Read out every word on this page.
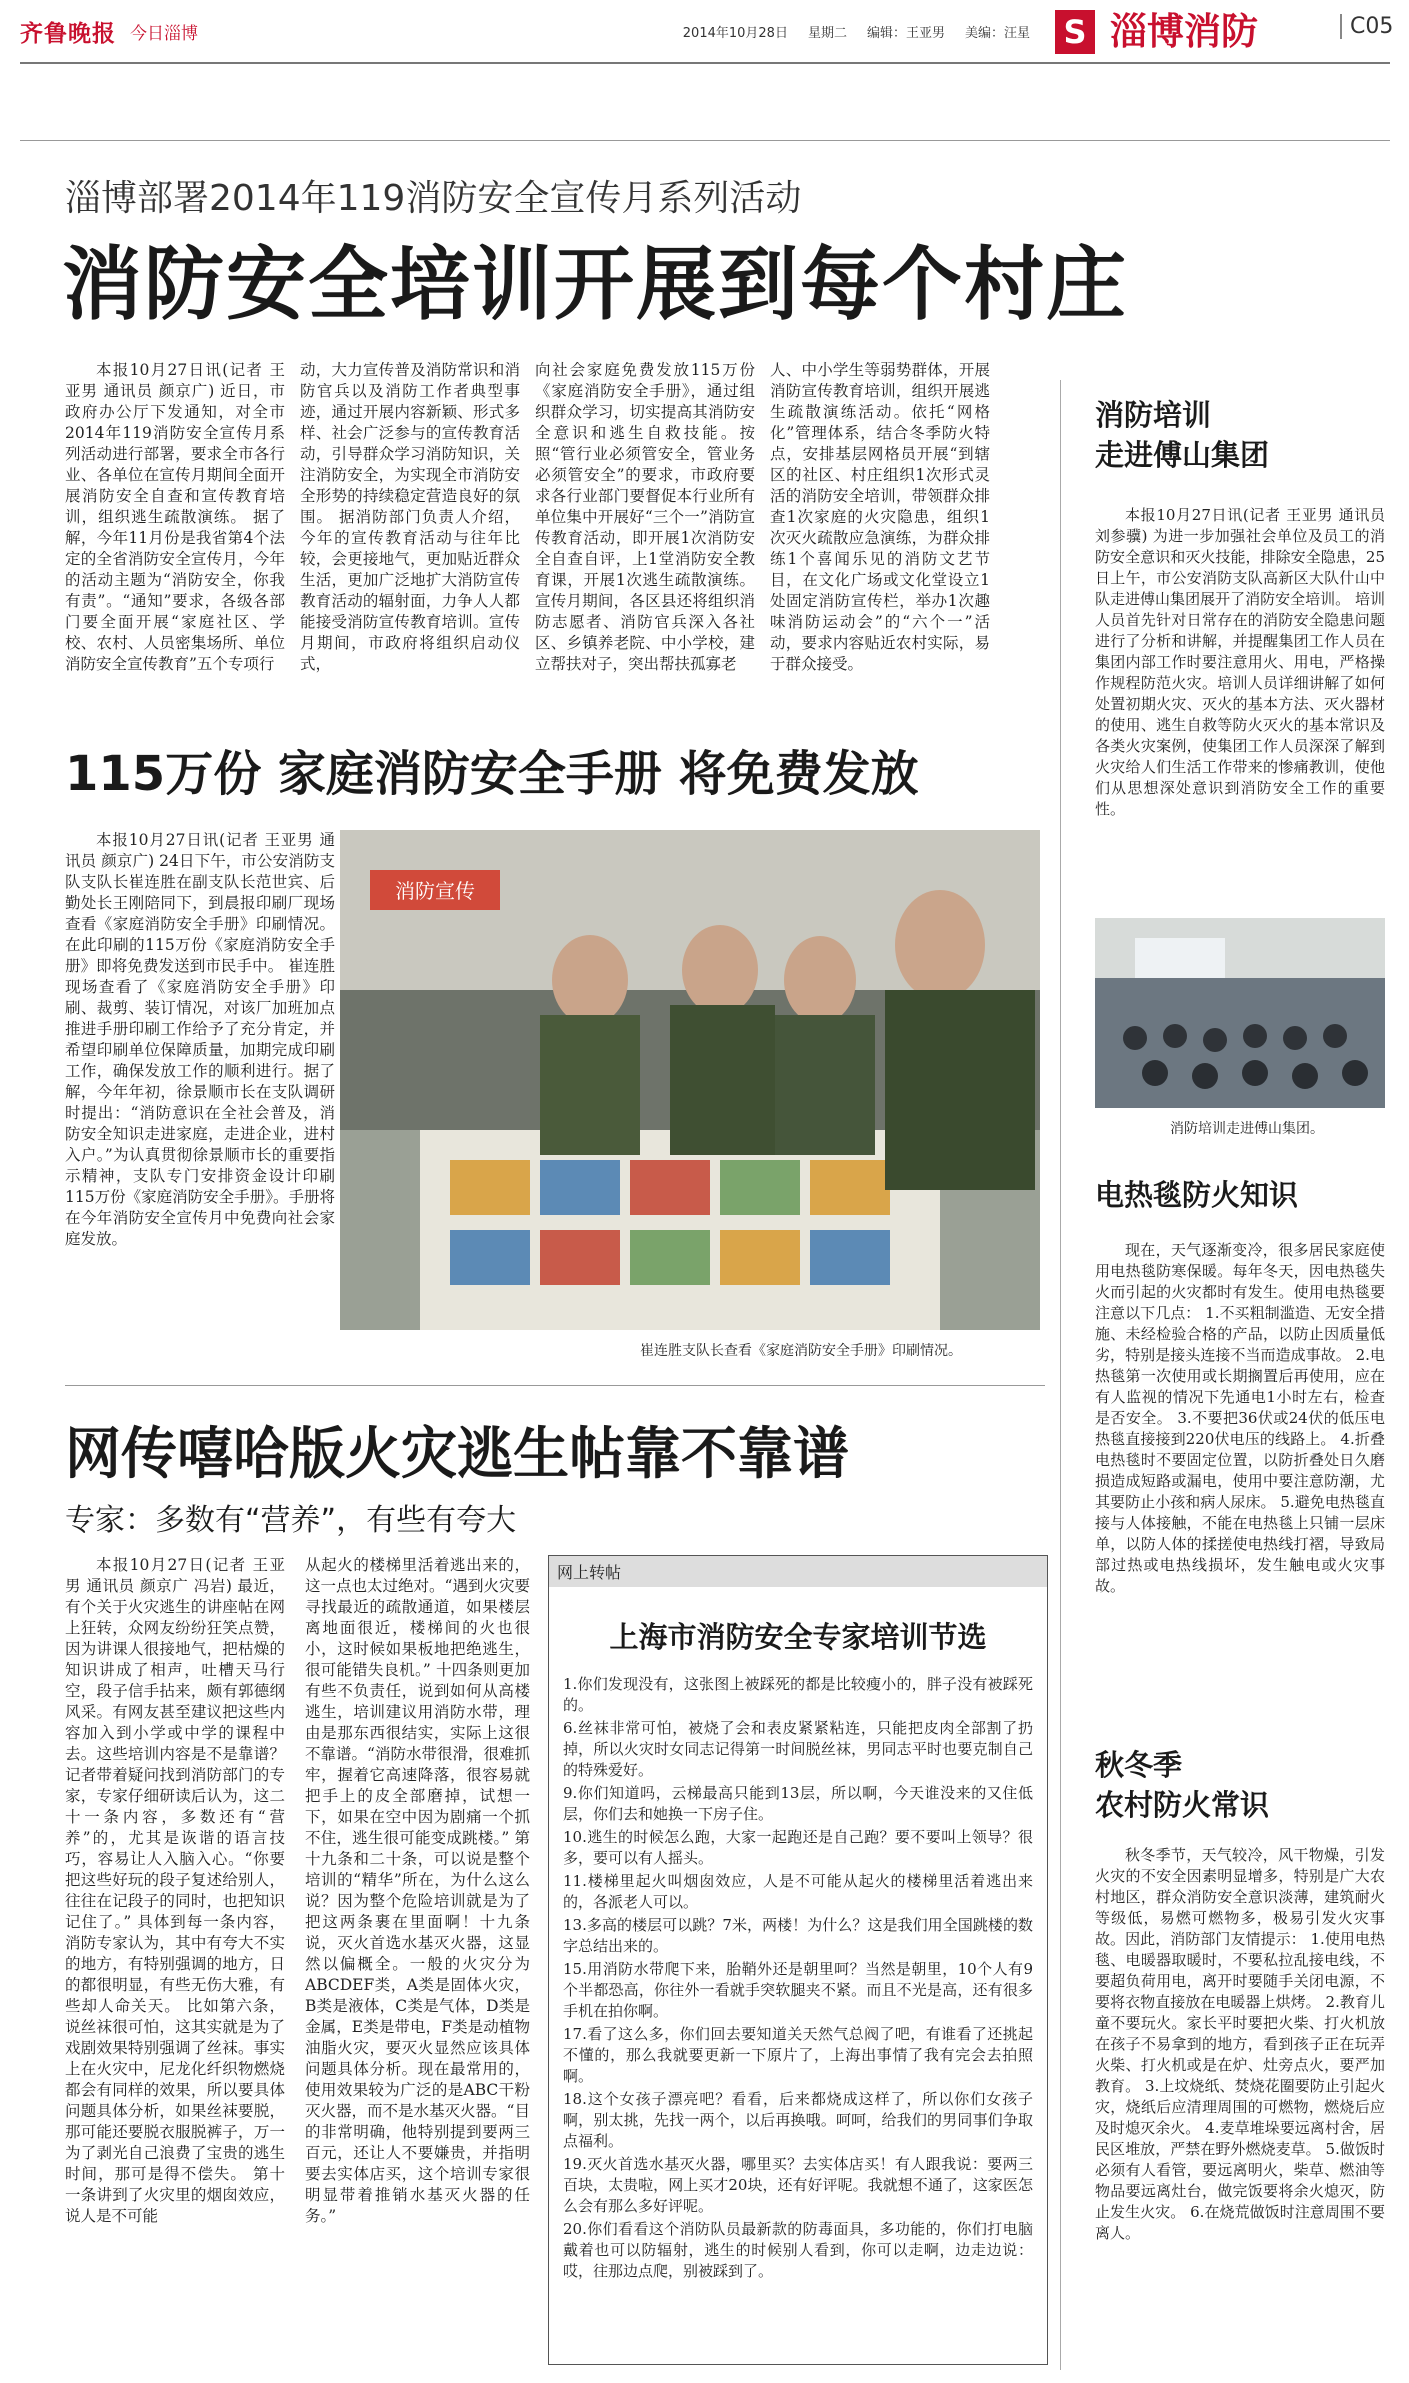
齐鲁晚报 今日淄博	2014年10月28日 星期二 编辑：王亚男 美编：汪星 S 淄博消防	C05
淄博部署2014年119消防安全宣传月系列活动
消防安全培训开展到每个村庄
本报10月27日讯(记者 王亚男 通讯员 颜京广) 近日，市政府办公厅下发通知，对全市2014年119消防安全宣传月系列活动进行部署，要求全市各行业、各单位在宣传月期间全面开展消防安全自查和宣传教育培训，组织逃生疏散演练。 据了解，今年11月份是我省第4个法定的全省消防安全宣传月，今年的活动主题为“消防安全，你我有责”。“通知”要求，各级各部门要全面开展“家庭社区、学校、农村、人员密集场所、单位消防安全宣传教育”五个专项行
动，大力宣传普及消防常识和消防官兵以及消防工作者典型事迹，通过开展内容新颖、形式多样、社会广泛参与的宣传教育活动，引导群众学习消防知识，关注消防安全，为实现全市消防安全形势的持续稳定营造良好的氛围。 据消防部门负责人介绍，今年的宣传教育活动与往年比较，会更接地气，更加贴近群众生活，更加广泛地扩大消防宣传教育活动的辐射面，力争人人都能接受消防宣传教育培训。宣传月期间，市政府将组织启动仪式，
向社会家庭免费发放115万份《家庭消防安全手册》，通过组织群众学习，切实提高其消防安全意识和逃生自救技能。按照“管行业必须管安全，管业务必须管安全”的要求，市政府要求各行业部门要督促本行业所有单位集中开展好“三个一”消防宣传教育活动，即开展1次消防安全自查自评，上1堂消防安全教育课，开展1次逃生疏散演练。 宣传月期间，各区县还将组织消防志愿者、消防官兵深入各社区、乡镇养老院、中小学校，建立帮扶对子，突出帮扶孤寡老
人、中小学生等弱势群体，开展消防宣传教育培训，组织开展逃生疏散演练活动。依托“网格化”管理体系，结合冬季防火特点，安排基层网格员开展“到辖区的社区、村庄组织1次形式灵活的消防安全培训，带领群众排查1次家庭的火灾隐患，组织1次灭火疏散应急演练，为群众排练1个喜闻乐见的消防文艺节目，在文化广场或文化堂设立1处固定消防宣传栏，举办1次趣味消防运动会”的“六个一”活动，要求内容贴近农村实际，易于群众接受。
115万份 家庭消防安全手册 将免费发放
本报10月27日讯(记者 王亚男 通讯员 颜京广) 24日下午，市公安消防支队支队长崔连胜在副支队长范世宾、后勤处长王刚陪同下，到晨报印刷厂现场查看《家庭消防安全手册》印刷情况。在此印刷的115万份《家庭消防安全手册》即将免费发送到市民手中。 崔连胜现场查看了《家庭消防安全手册》印刷、裁剪、装订情况，对该厂加班加点推进手册印刷工作给予了充分肯定，并希望印刷单位保障质量，加期完成印刷工作，确保发放工作的顺利进行。据了解，今年年初，徐景顺市长在支队调研时提出：“消防意识在全社会普及，消防安全知识走进家庭，走进企业，进村入户。”为认真贯彻徐景顺市长的重要指示精神，支队专门安排资金设计印刷115万份《家庭消防安全手册》。手册将在今年消防安全宣传月中免费向社会家庭发放。
消防宣传
崔连胜支队长查看《家庭消防安全手册》印刷情况。
网传嘻哈版火灾逃生帖靠不靠谱
专家：多数有“营养”，有些有夸大
本报10月27日(记者 王亚男 通讯员 颜京广 冯岩) 最近，有个关于火灾逃生的讲座帖在网上狂转，众网友纷纷狂笑点赞，因为讲课人很接地气，把枯燥的知识讲成了相声，吐槽天马行空，段子信手拈来，颇有郭德纲风采。有网友甚至建议把这些内容加入到小学或中学的课程中去。这些培训内容是不是靠谱？记者带着疑问找到消防部门的专家，专家仔细研读后认为，这二十一条内容，多数还有“营养”的，尤其是诙谐的语言技巧，容易让人入脑入心。“你要把这些好玩的段子复述给别人，往往在记段子的同时，也把知识记住了。” 具体到每一条内容，消防专家认为，其中有夸大不实的地方，有特别强调的地方，日的都很明显，有些无伤大雅，有些却人命关天。 比如第六条，说丝袜很可怕，这其实就是为了戏剧效果特别强调了丝袜。事实上在火灾中，尼龙化纤织物燃烧都会有同样的效果，所以要具体问题具体分析，如果丝袜要脱，那可能还要脱衣服脱裤子，万一为了剥光自己浪费了宝贵的逃生时间，那可是得不偿失。 第十一条讲到了火灾里的烟囱效应，说人是不可能
从起火的楼梯里活着逃出来的，这一点也太过绝对。“遇到火灾要寻找最近的疏散通道，如果楼层离地面很近，楼梯间的火也很小，这时候如果板地把绝逃生，很可能错失良机。” 十四条则更加有些不负责任，说到如何从高楼逃生，培训建议用消防水带，理由是那东西很结实，实际上这很不靠谱。“消防水带很滑，很难抓牢，握着它高速降落，很容易就把手上的皮全部磨掉，试想一下，如果在空中因为剧痛一个抓不住，逃生很可能变成跳楼。” 第十九条和二十条，可以说是整个培训的“精华”所在，为什么这么说？因为整个危险培训就是为了把这两条裹在里面啊！十九条说，灭火首选水基灭火器，这显然以偏概全。一般的火灾分为ABCDEF类，A类是固体火灾，B类是液体，C类是气体，D类是金属，E类是带电，F类是动植物油脂火灾，要灭火显然应该具体问题具体分析。现在最常用的，使用效果较为广泛的是ABC干粉灭火器，而不是水基灭火器。“目的非常明确，他特别提到要两三百元，还让人不要嫌贵，并指明要去实体店买，这个培训专家很明显带着推销水基灭火器的任务。”
网上转帖
上海市消防安全专家培训节选

1.你们发现没有，这张图上被踩死的都是比较瘦小的，胖子没有被踩死的。

6.丝袜非常可怕，被烧了会和表皮紧紧粘连，只能把皮肉全部割了扔掉，所以火灾时女同志记得第一时间脱丝袜，男同志平时也要克制自己的特殊爱好。

9.你们知道吗，云梯最高只能到13层，所以啊，今天谁没来的又住低层，你们去和她换一下房子住。

10.逃生的时候怎么跑，大家一起跑还是自己跑？要不要叫上领导？很多，要可以有人摇头。

11.楼梯里起火叫烟囱效应，人是不可能从起火的楼梯里活着逃出来的，各派老人可以。

13.多高的楼层可以跳？7米，两楼！为什么？这是我们用全国跳楼的数字总结出来的。

15.用消防水带爬下来，胎鞘外还是朝里呵？当然是朝里，10个人有9个半都恐高，你往外一看就手突软腿夹不紧。而且不光是高，还有很多手机在拍你啊。

17.看了这么多，你们回去要知道关天然气总阀了吧，有谁看了还挑起不懂的，那么我就要更新一下原片了，上海出事情了我有完会去拍照啊。

18.这个女孩子漂亮吧？看看，后来都烧成这样了，所以你们女孩子啊，别太挑，先找一两个，以后再换哦。呵呵，给我们的男同事们争取点福利。

19.灭火首选水基灭火器，哪里买？去实体店买！有人跟我说：要两三百块，太贵啦，网上买才20块，还有好评呢。我就想不通了，这家医怎么会有那么多好评呢。

20.你们看看这个消防队员最新款的防毒面具，多功能的，你们打电脑戴着也可以防辐射，逃生的时候别人看到，你可以走啊，边走边说：哎，往那边点爬，别被踩到了。

消防培训
走进傅山集团
本报10月27日讯(记者 王亚男 通讯员 刘参骥) 为进一步加强社会单位及员工的消防安全意识和灭火技能，排除安全隐患，25日上午，市公安消防支队高新区大队什山中队走进傅山集团展开了消防安全培训。 培训人员首先针对日常存在的消防安全隐患问题进行了分析和讲解，并提醒集团工作人员在集团内部工作时要注意用火、用电，严格操作规程防范火灾。培训人员详细讲解了如何处置初期火灾、灭火的基本方法、灭火器材的使用、逃生自救等防火灭火的基本常识及各类火灾案例，使集团工作人员深深了解到火灾给人们生活工作带来的惨痛教训，使他们从思想深处意识到消防安全工作的重要性。
消防培训走进傅山集团。
电热毯防火知识
现在，天气逐渐变冷，很多居民家庭使用电热毯防寒保暖。每年冬天，因电热毯失火而引起的火灾都时有发生。使用电热毯要注意以下几点： 1.不买粗制滥造、无安全措施、未经检验合格的产品，以防止因质量低劣，特别是接头连接不当而造成事故。 2.电热毯第一次使用或长期搁置后再使用，应在有人监视的情况下先通电1小时左右，检查是否安全。 3.不要把36伏或24伏的低压电热毯直接接到220伏电压的线路上。 4.折叠电热毯时不要固定位置，以防折叠处日久磨损造成短路或漏电，使用中要注意防潮，尤其要防止小孩和病人尿床。 5.避免电热毯直接与人体接触，不能在电热毯上只铺一层床单，以防人体的揉搓使电热线打褶，导致局部过热或电热线损坏，发生触电或火灾事故。
秋冬季
农村防火常识
秋冬季节，天气较冷，风干物燥，引发火灾的不安全因素明显增多，特别是广大农村地区，群众消防安全意识淡薄，建筑耐火等级低，易燃可燃物多，极易引发火灾事故。因此，消防部门友情提示： 1.使用电热毯、电暖器取暖时，不要私拉乱接电线，不要超负荷用电，离开时要随手关闭电源，不要将衣物直接放在电暖器上烘烤。 2.教育儿童不要玩火。家长平时要把火柴、打火机放在孩子不易拿到的地方，看到孩子正在玩弄火柴、打火机或是在炉、灶旁点火，要严加教育。 3.上坟烧纸、焚烧花圈要防止引起火灾，烧纸后应清理周围的可燃物，燃烧后应及时熄灭余火。 4.麦草堆垛要远离村舍，居民区堆放，严禁在野外燃烧麦草。 5.做饭时必须有人看管，要远离明火，柴草、燃油等物品要远离灶台，做完饭要将余火熄灭，防止发生火灾。 6.在烧荒做饭时注意周围不要离人。
